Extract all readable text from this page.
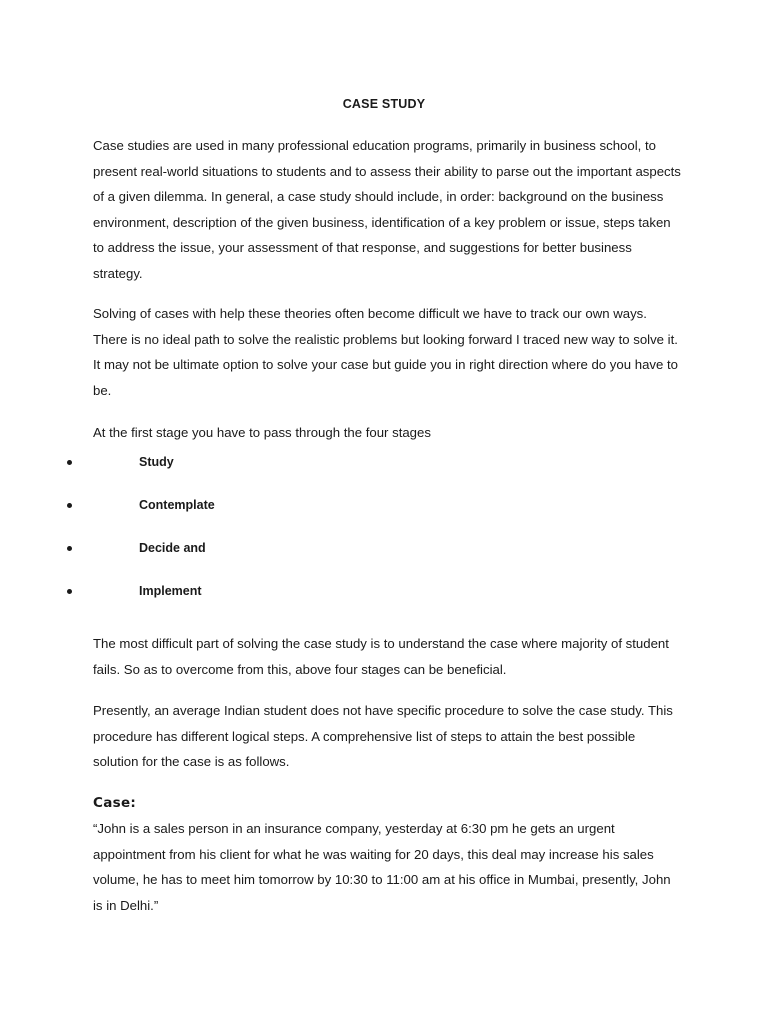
CASE STUDY

Case studies are used in many professional education programs, primarily in business school, to present real-world situations to students and to assess their ability to parse out the important aspects of a given dilemma. In general, a case study should include, in order: background on the business environment, description of the given business, identification of a key problem or issue, steps taken to address the issue, your assessment of that response, and suggestions for better business strategy.

Solving of cases with help these theories often become difficult we have to track our own ways. There is no ideal path to solve the realistic problems but looking forward I traced new way to solve it. It may not be ultimate option to solve your case but guide you in right direction where do you have to be.

At the first stage you have to pass through the four stages

Study
Contemplate
Decide and
Implement

The most difficult part of solving the case study is to understand the case where majority of student fails. So as to overcome from this, above four stages can be beneficial.

Presently, an average Indian student does not have specific procedure to solve the case study. This procedure has different logical steps. A comprehensive list of steps to attain the best possible solution for the case is as follows.

Case:

“John is a sales person in an insurance company, yesterday at 6:30 pm he gets an urgent appointment from his client for what he was waiting for 20 days, this deal may increase his sales volume, he has to meet him tomorrow by 10:30 to 11:00 am at his office in Mumbai, presently, John is in Delhi.”
